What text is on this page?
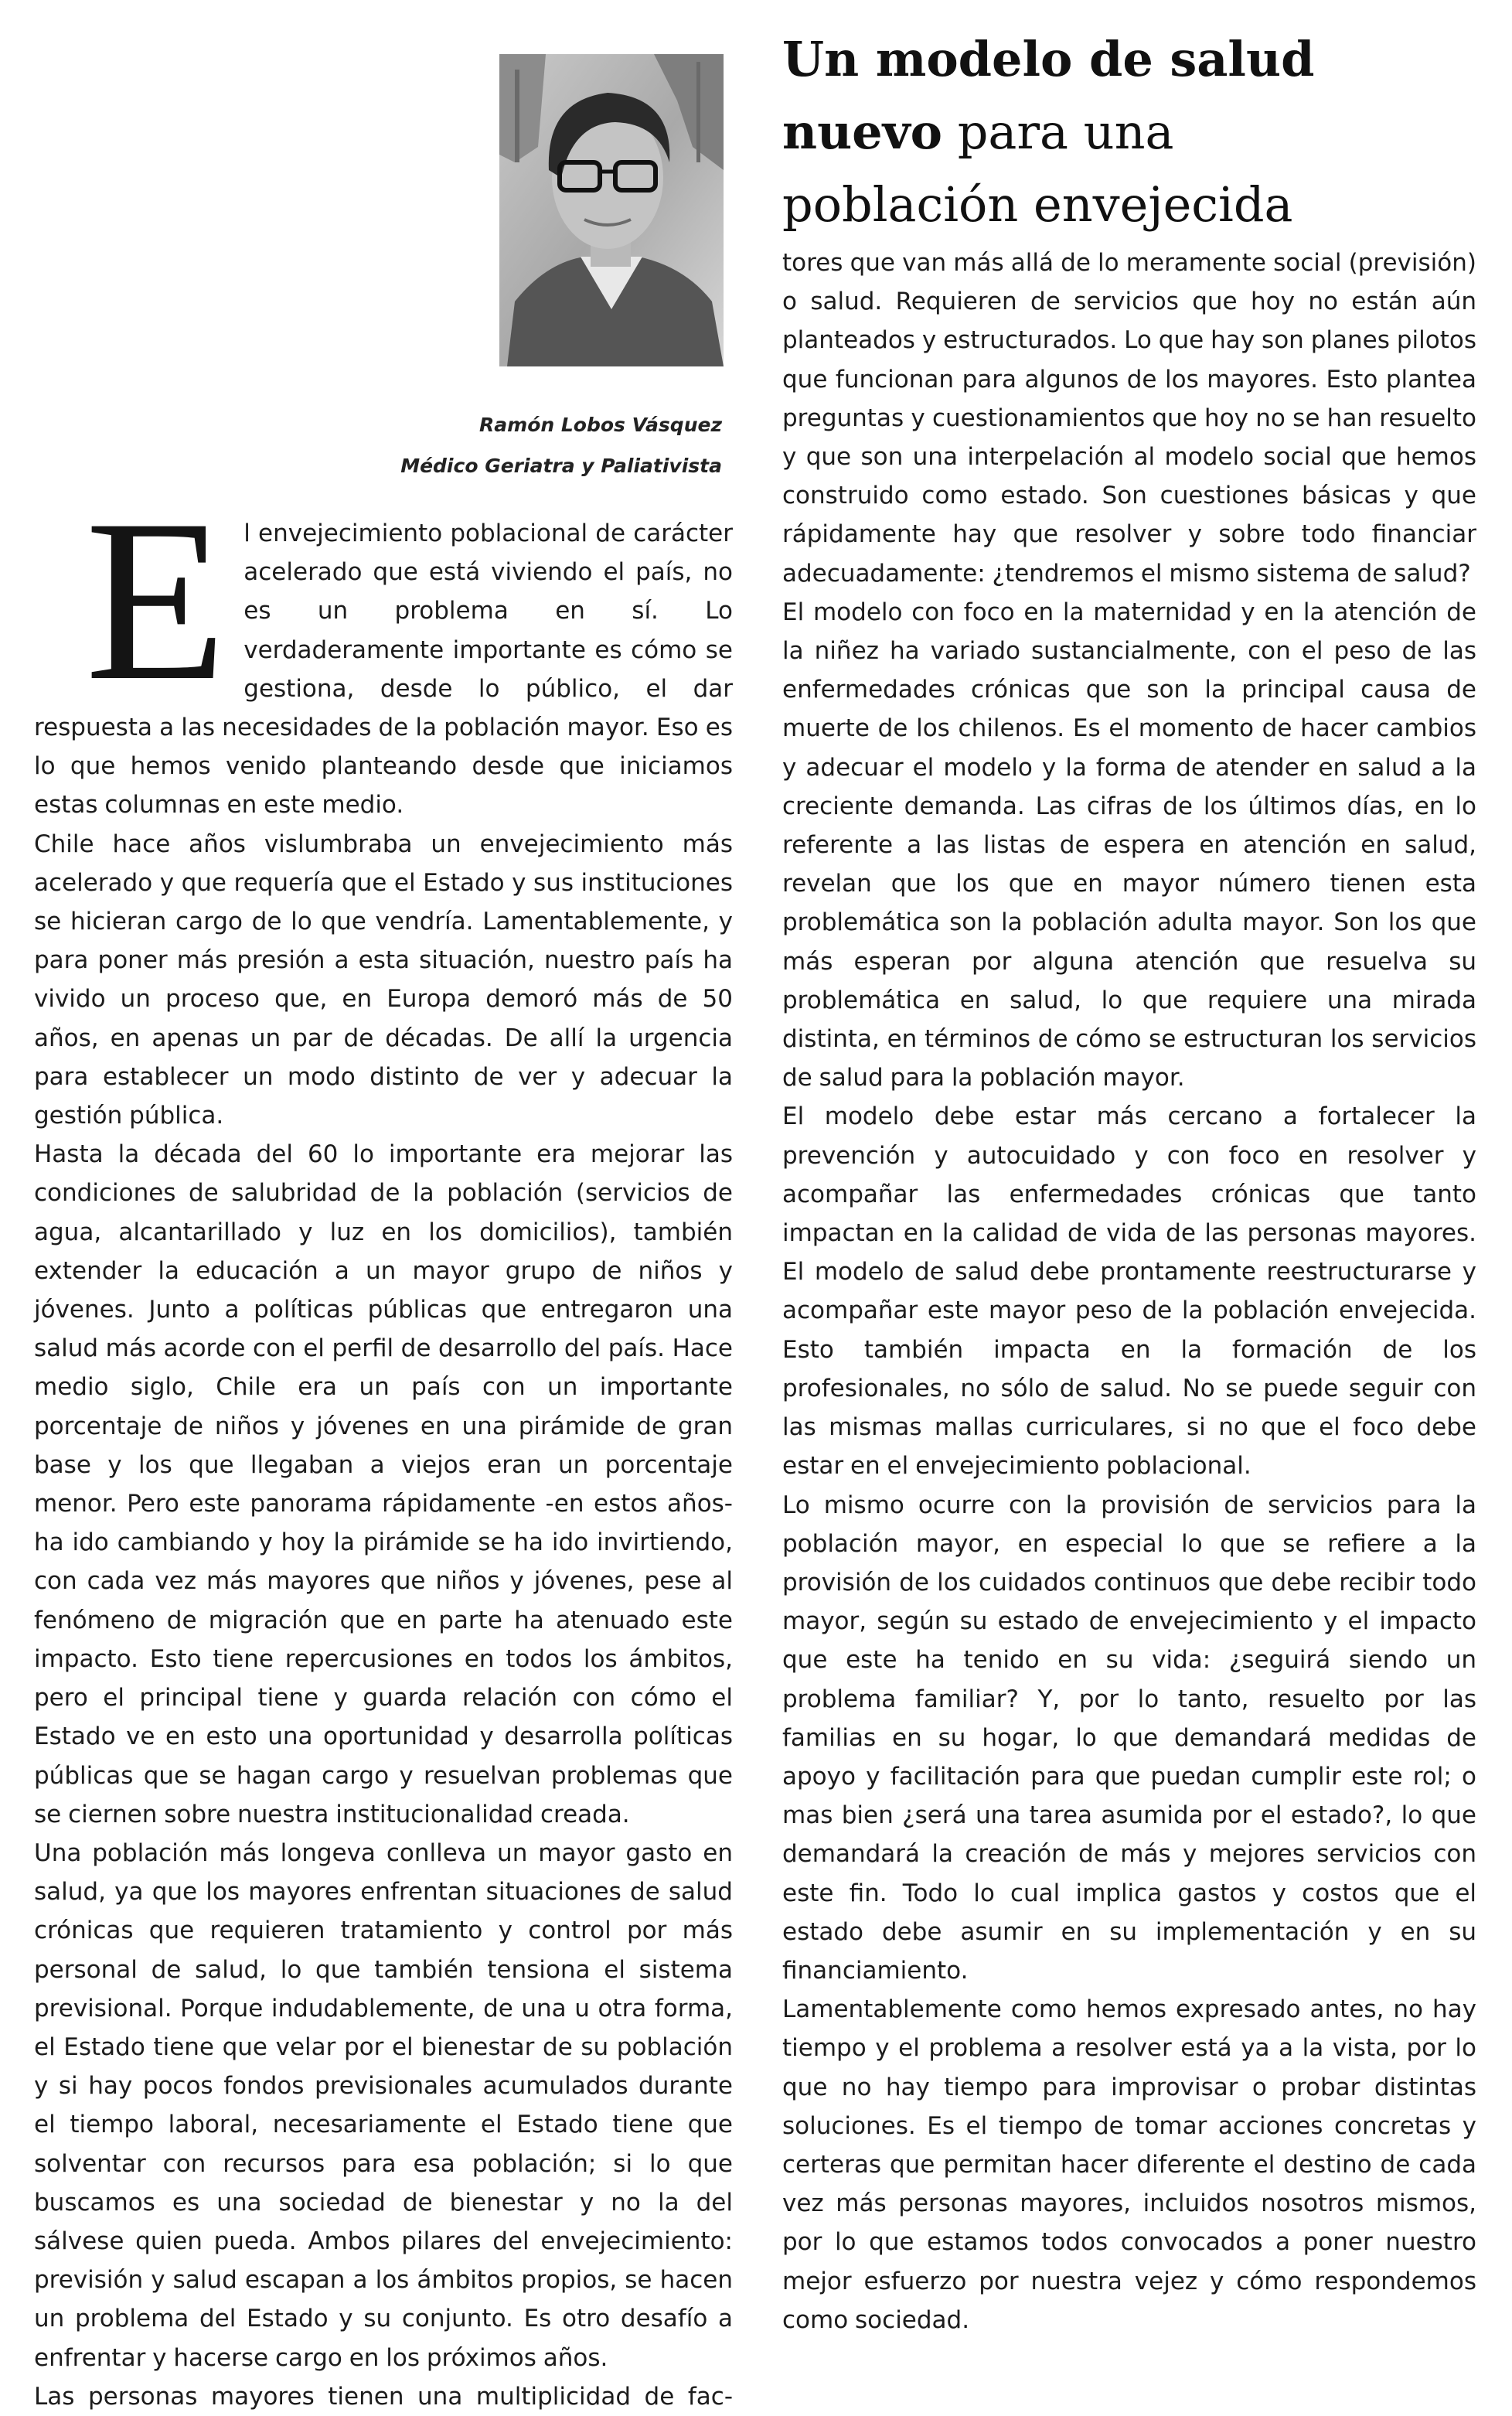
Un modelo de salud
nuevo para una
población envejecida
Ramón Lobos Vásquez
Médico Geriatra y Paliativista
E l envejecimiento poblacional de carácter acelerado que está viviendo el país, no es un problema en sí. Lo verdaderamente importante es cómo se gestiona, desde lo público, el dar respuesta a las necesidades de la población mayor. Eso es lo que hemos venido planteando desde que iniciamos estas columnas en este medio.

Chile hace años vislumbraba un envejecimiento más acelerado y que requería que el Estado y sus instituciones se hicieran cargo de lo que vendría. Lamentablemente, y para poner más presión a esta situación, nuestro país ha vivido un proceso que, en Europa demoró más de 50 años, en apenas un par de décadas. De allí la urgencia para establecer un modo distinto de ver y adecuar la gestión pública.

Hasta la década del 60 lo importante era mejorar las condiciones de salubridad de la población (servicios de agua, alcantarillado y luz en los domicilios), también extender la educación a un mayor grupo de niños y jóvenes. Junto a políticas públicas que entregaron una salud más acorde con el perfil de desarrollo del país. Hace medio siglo, Chile era un país con un importante porcentaje de niños y jóvenes en una pirámide de gran base y los que llegaban a viejos eran un porcentaje menor. Pero este panorama rápidamente -en estos años- ha ido cambiando y hoy la pirámide se ha ido invirtiendo, con cada vez más mayores que niños y jóvenes, pese al fenómeno de migración que en parte ha atenuado este impacto. Esto tiene repercusiones en todos los ámbitos, pero el principal tiene y guarda relación con cómo el Estado ve en esto una oportunidad y desarrolla políticas públicas que se hagan cargo y resuelvan problemas que se ciernen sobre nuestra institucionalidad creada.

Una población más longeva conlleva un mayor gasto en salud, ya que los mayores enfrentan situaciones de salud crónicas que requieren tratamiento y control por más personal de salud, lo que también tensiona el sistema previsional. Porque indudablemente, de una u otra forma, el Estado tiene que velar por el bienestar de su población y si hay pocos fondos previsionales acumulados durante el tiempo laboral, necesariamente el Estado tiene que solventar con recursos para esa población; si lo que buscamos es una sociedad de bienestar y no la del sálvese quien pueda. Ambos pilares del envejecimiento: previsión y salud escapan a los ámbitos propios, se hacen un problema del Estado y su conjunto. Es otro desafío a enfrentar y hacerse cargo en los próximos años.

Las personas mayores tienen una multiplicidad de fac-

tores que van más allá de lo meramente social (previsión) o salud. Requieren de servicios que hoy no están aún planteados y estructurados. Lo que hay son planes pilotos que funcionan para algunos de los mayores. Esto plantea preguntas y cuestionamientos que hoy no se han resuelto y que son una interpelación al modelo social que hemos construido como estado. Son cuestiones básicas y que rápidamente hay que resolver y sobre todo financiar adecuadamente: ¿tendremos el mismo sistema de salud?

El modelo con foco en la maternidad y en la atención de la niñez ha variado sustancialmente, con el peso de las enfermedades crónicas que son la principal causa de muerte de los chilenos. Es el momento de hacer cambios y adecuar el modelo y la forma de atender en salud a la creciente demanda. Las cifras de los últimos días, en lo referente a las listas de espera en atención en salud, revelan que los que en mayor número tienen esta problemática son la población adulta mayor. Son los que más esperan por alguna atención que resuelva su problemática en salud, lo que requiere una mirada distinta, en términos de cómo se estructuran los servicios de salud para la población mayor.

El modelo debe estar más cercano a fortalecer la prevención y autocuidado y con foco en resolver y acompañar las enfermedades crónicas que tanto impactan en la calidad de vida de las personas mayores. El modelo de salud debe prontamente reestructurarse y acompañar este mayor peso de la población envejecida. Esto también impacta en la formación de los profesionales, no sólo de salud. No se puede seguir con las mismas mallas curriculares, si no que el foco debe estar en el envejecimiento poblacional.

Lo mismo ocurre con la provisión de servicios para la población mayor, en especial lo que se refiere a la provisión de los cuidados continuos que debe recibir todo mayor, según su estado de envejecimiento y el impacto que este ha tenido en su vida: ¿seguirá siendo un problema familiar? Y, por lo tanto, resuelto por las familias en su hogar, lo que demandará medidas de apoyo y facilitación para que puedan cumplir este rol; o mas bien ¿será una tarea asumida por el estado?, lo que demandará la creación de más y mejores servicios con este fin. Todo lo cual implica gastos y costos que el estado debe asumir en su implementación y en su financiamiento.

Lamentablemente como hemos expresado antes, no hay tiempo y el problema a resolver está ya a la vista, por lo que no hay tiempo para improvisar o probar distintas soluciones. Es el tiempo de tomar acciones concretas y certeras que permitan hacer diferente el destino de cada vez más personas mayores, incluidos nosotros mismos, por lo que estamos todos convocados a poner nuestro mejor esfuerzo por nuestra vejez y cómo respondemos como sociedad.
